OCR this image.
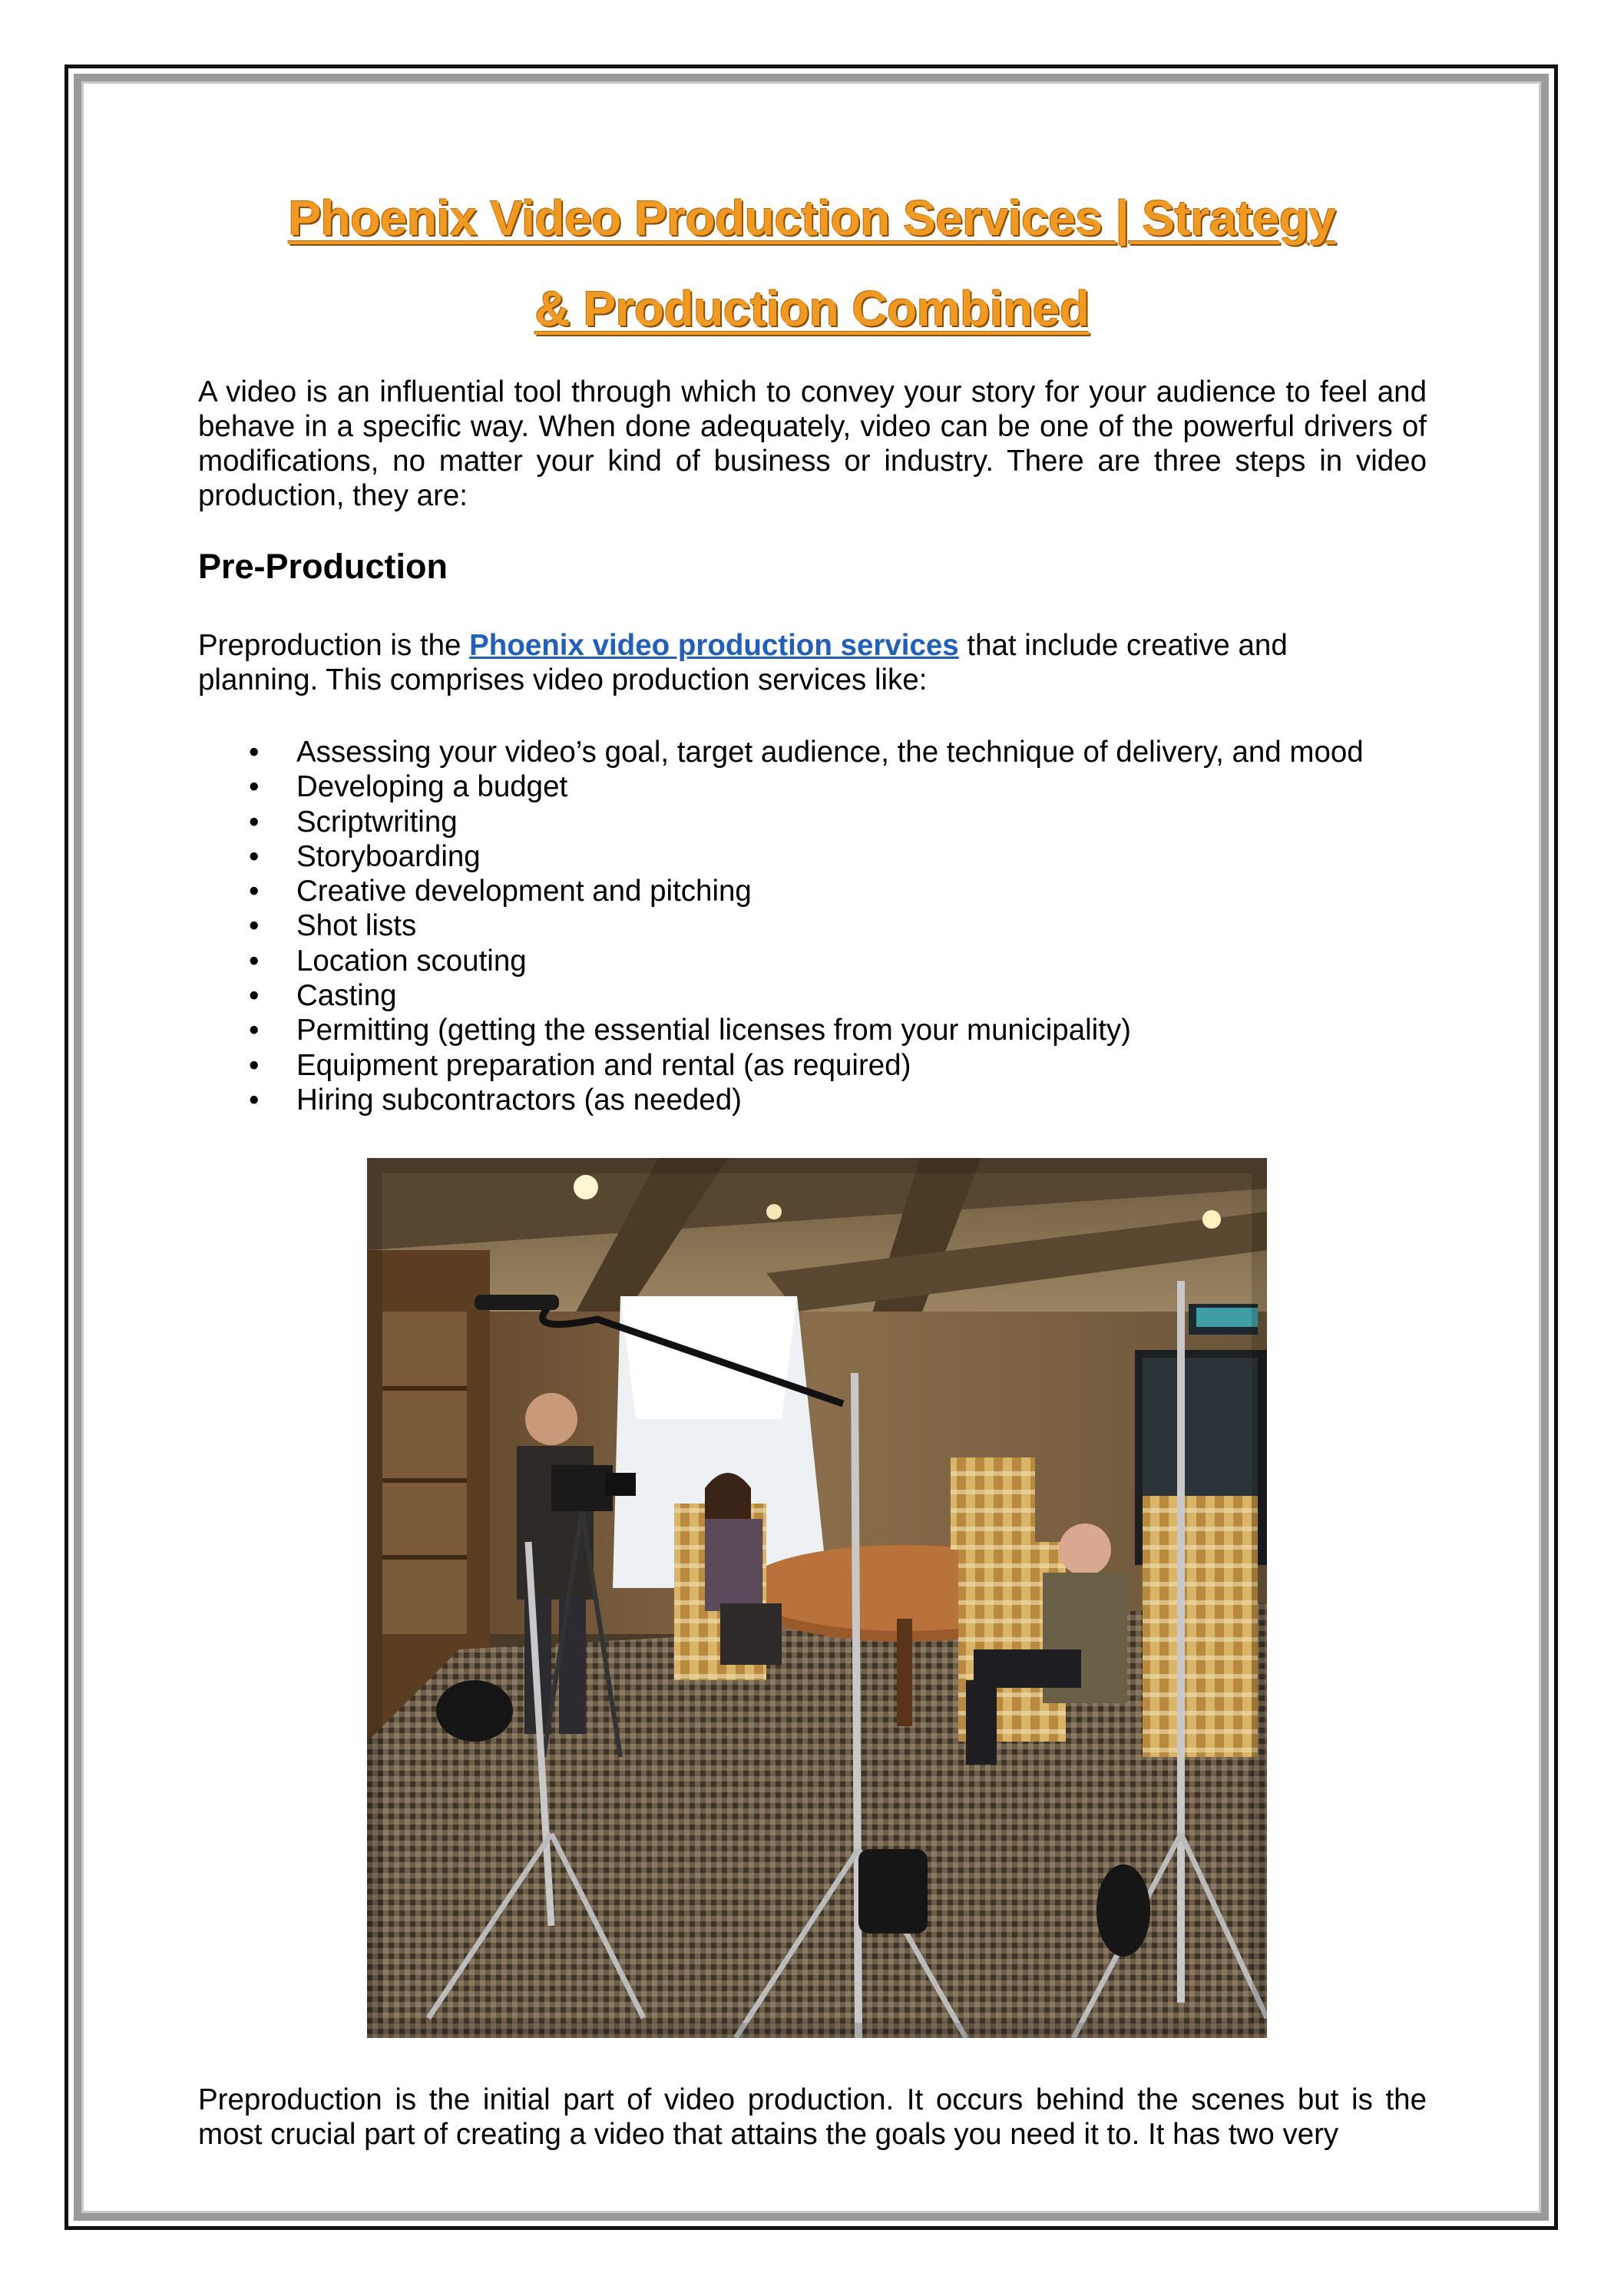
Phoenix Video Production Services | Strategy
& Production Combined

A video is an influential tool through which to convey your story for your audience to feel and behave in a specific way. When done adequately, video can be one of the powerful drivers of modifications, no matter your kind of business or industry. There are three steps in video production, they are:

Pre-Production

Preproduction is the Phoenix video production services that include creative and
planning. This comprises video production services like:

• Assessing your video’s goal, target audience, the technique of delivery, and mood
• Developing a budget
• Scriptwriting
• Storyboarding
• Creative development and pitching
• Shot lists
• Location scouting
• Casting
• Permitting (getting the essential licenses from your municipality)
• Equipment preparation and rental (as required)
• Hiring subcontractors (as needed)

Preproduction is the initial part of video production. It occurs behind the scenes but is the most crucial part of creating a video that attains the goals you need it to. It has two very
